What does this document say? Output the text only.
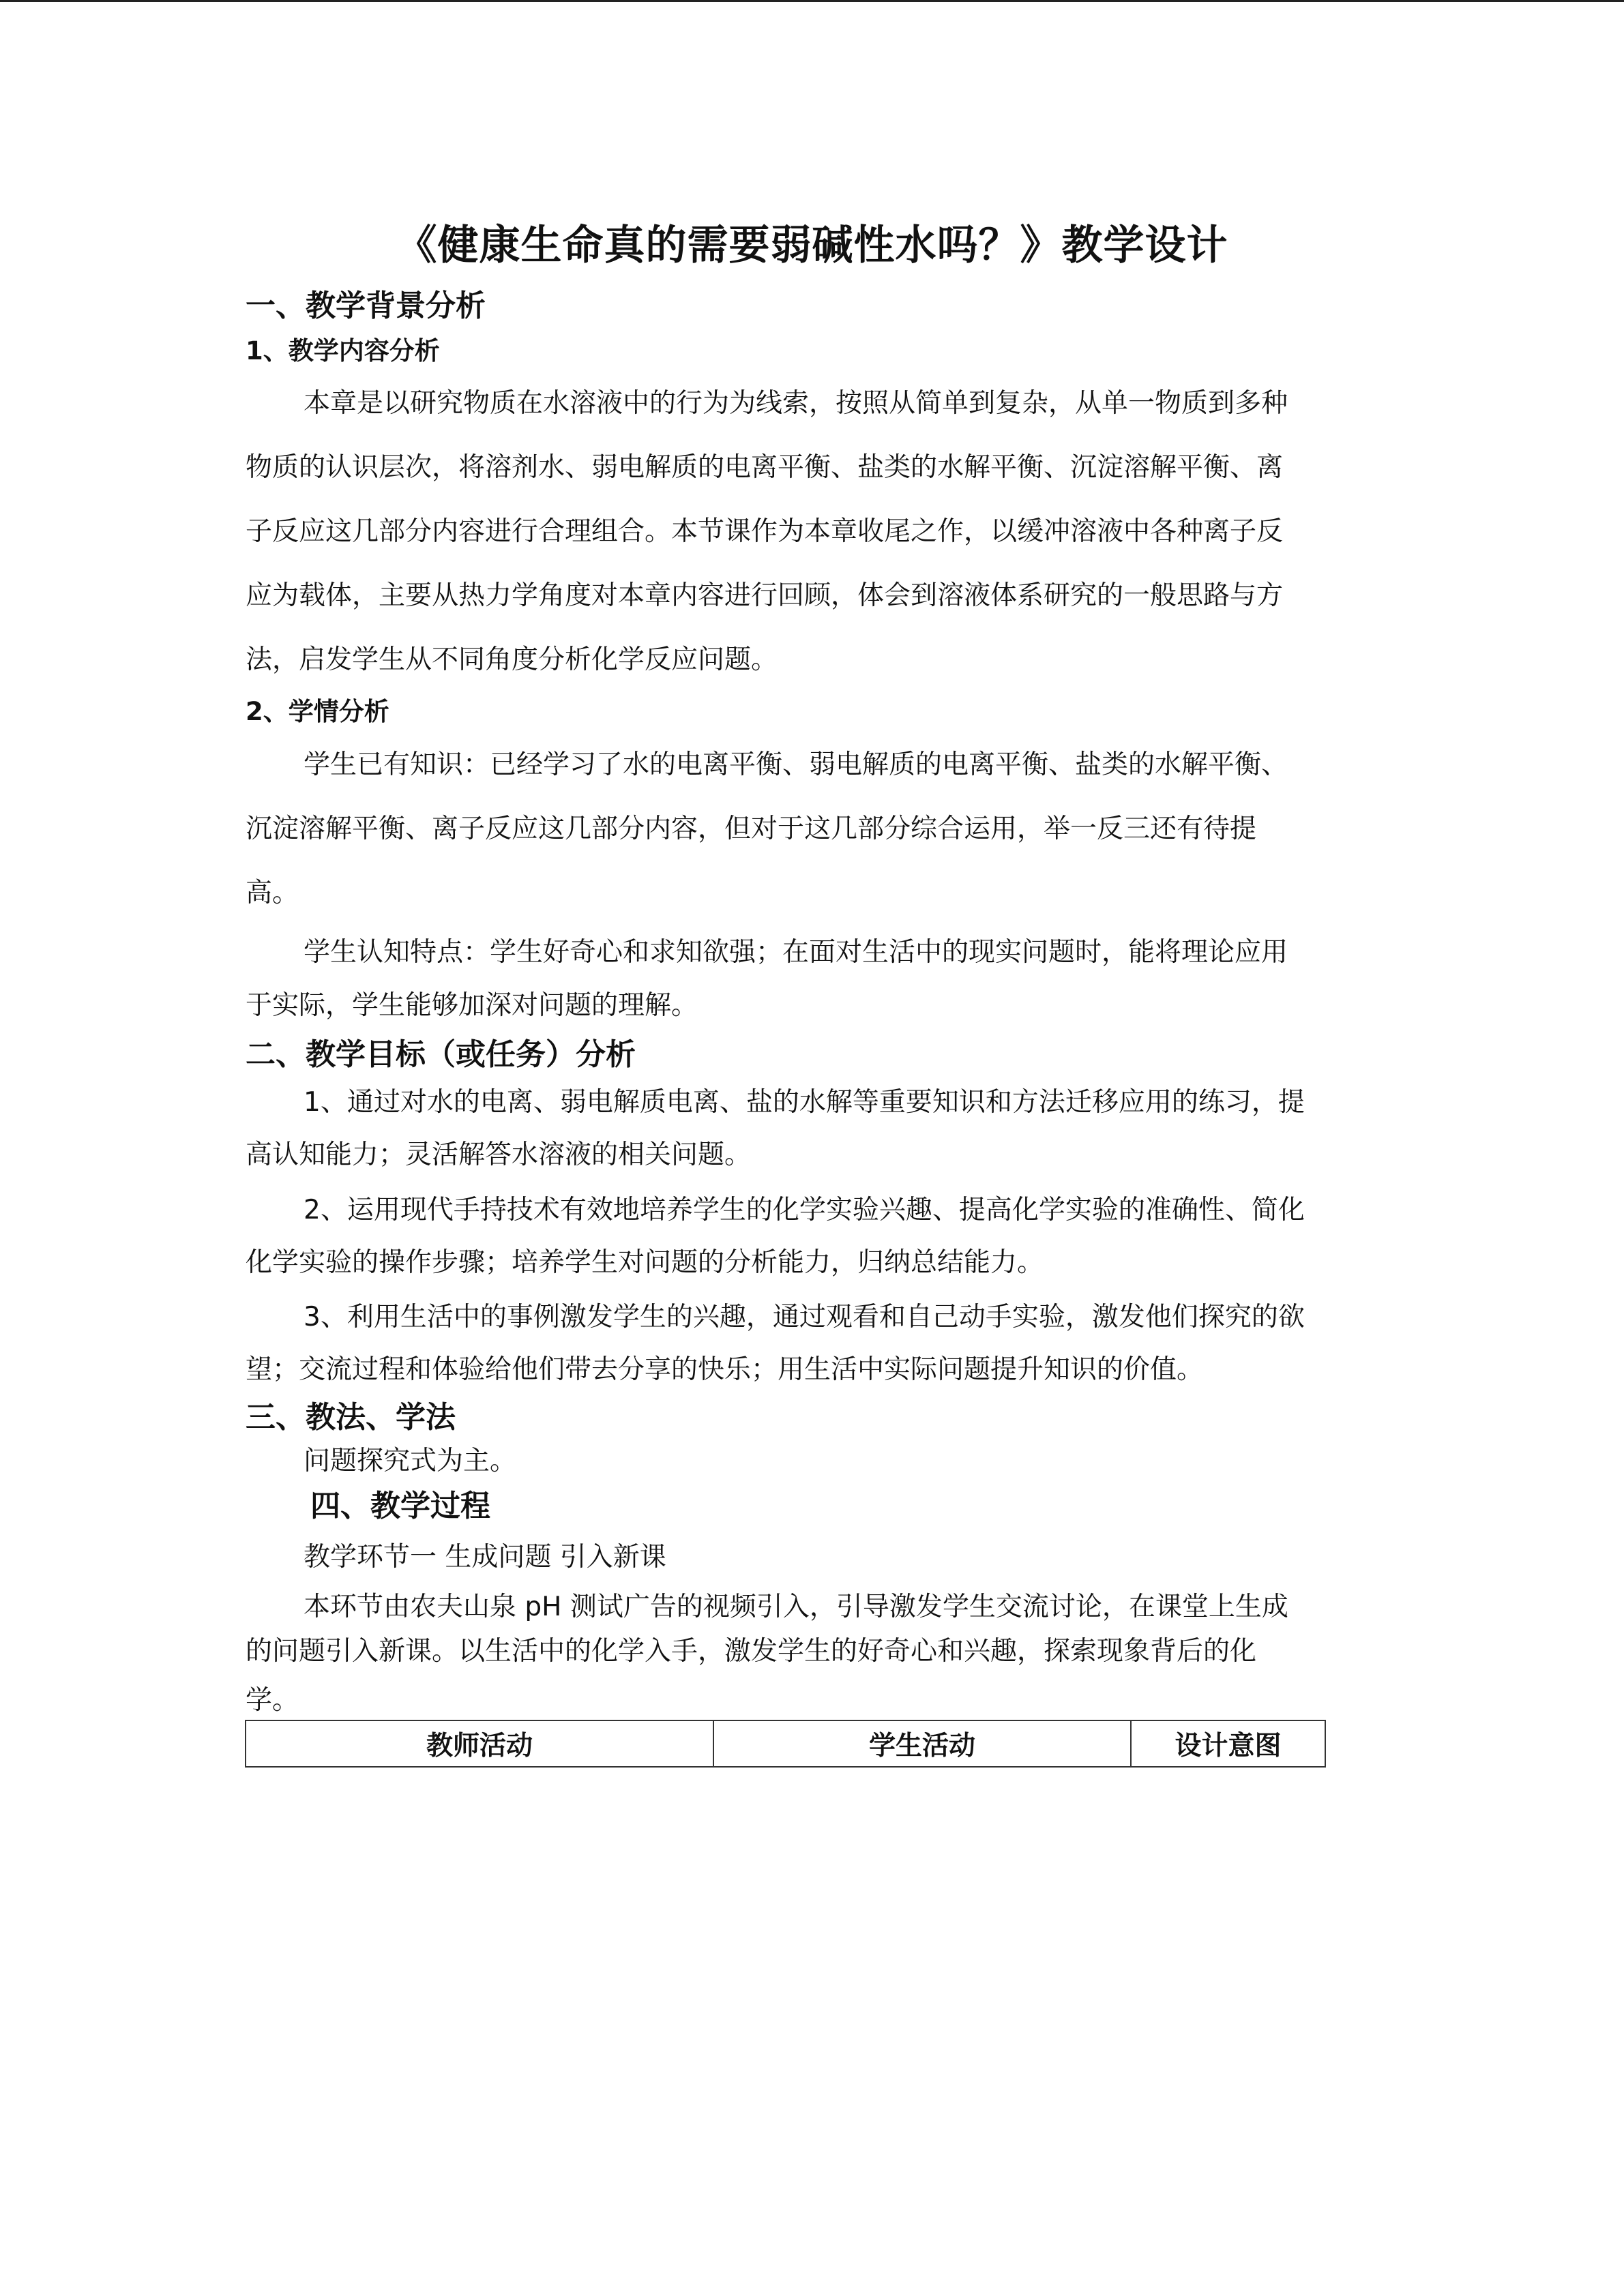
《健康生命真的需要弱碱性水吗？》教学设计
一、教学背景分析
1、教学内容分析
本章是以研究物质在水溶液中的行为为线索，按照从简单到复杂，从单一物质到多种
物质的认识层次，将溶剂水、弱电解质的电离平衡、盐类的水解平衡、沉淀溶解平衡、离
子反应这几部分内容进行合理组合。本节课作为本章收尾之作，以缓冲溶液中各种离子反
应为载体，主要从热力学角度对本章内容进行回顾，体会到溶液体系研究的一般思路与方
法，启发学生从不同角度分析化学反应问题。
2、学情分析
学生已有知识：已经学习了水的电离平衡、弱电解质的电离平衡、盐类的水解平衡、
沉淀溶解平衡、离子反应这几部分内容，但对于这几部分综合运用，举一反三还有待提
高。
学生认知特点：学生好奇心和求知欲强；在面对生活中的现实问题时，能将理论应用
于实际，学生能够加深对问题的理解。
二、教学目标（或任务）分析
1、通过对水的电离、弱电解质电离、盐的水解等重要知识和方法迁移应用的练习，提
高认知能力；灵活解答水溶液的相关问题。
2、运用现代手持技术有效地培养学生的化学实验兴趣、提高化学实验的准确性、简化
化学实验的操作步骤；培养学生对问题的分析能力，归纳总结能力。
3、利用生活中的事例激发学生的兴趣，通过观看和自己动手实验，激发他们探究的欲
望；交流过程和体验给他们带去分享的快乐；用生活中实际问题提升知识的价值。
三、教法、学法
问题探究式为主。
四、教学过程
教学环节一 生成问题 引入新课
本环节由农夫山泉 pH 测试广告的视频引入，引导激发学生交流讨论，在课堂上生成
的问题引入新课。以生活中的化学入手，激发学生的好奇心和兴趣，探索现象背后的化
学。
教师活动	学生活动	设计意图
